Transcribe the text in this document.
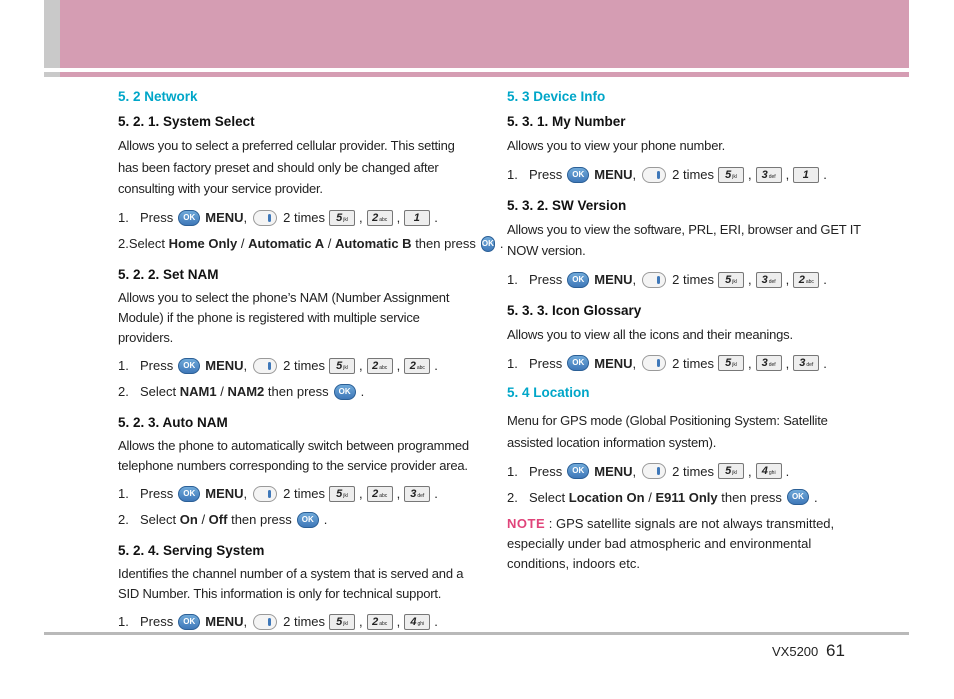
5. 2 Network
5. 2. 1. System Select
Allows you to select a preferred cellular provider. This setting has been factory preset and should only be changed after consulting with your service provider.
1. Press	OK MENU ,	2 times 5 jkl , 2 abc , 1 .
2. Select
Home Only / Automatic A / Automatic B
then press OK .
5. 2. 2. Set NAM
Allows you to select the phone’s NAM (Number Assignment Module) if the phone is registered with multiple service providers.
1. Press	OK MENU ,	2 times 5 jkl , 2 abc , 2 abc .
2. Select
NAM1 / NAM2
then press	OK .
5. 2. 3. Auto NAM
Allows the phone to automatically switch between programmed telephone numbers corresponding to the service provider area.
1. Press	OK MENU ,	2 times 5 jkl , 2 abc , 3 def .
2. Select
On / Off
then press	OK .
5. 2. 4. Serving System
Identifies the channel number of a system that is served and a SID Number. This information is only for technical support.
1. Press	OK MENU ,	2 times 5 jkl , 2 abc , 4 ghi .
5. 3 Device Info
5. 3. 1. My Number
Allows you to view your phone number.
1. Press	OK MENU ,	2 times 5 jkl , 3 def , 1 .
5. 3. 2. SW Version
Allows you to view the software, PRL, ERI, browser and GET IT NOW version.
1. Press	OK MENU ,	2 times 5 jkl , 3 def , 2 abc .
5. 3. 3. Icon Glossary
Allows you to view all the icons and their meanings.
1. Press	OK MENU ,	2 times 5 jkl , 3 def , 3 def .
5. 4 Location
Menu for GPS mode (Global Positioning System: Satellite assisted location information system).
1. Press	OK MENU ,	2 times 5 jkl , 4 ghi .
2. Select
Location On / E911 Only
then press	OK .
NOTE : GPS satellite signals are not always transmitted, especially under bad atmospheric and environmental conditions, indoors etc.
VX5200 61
